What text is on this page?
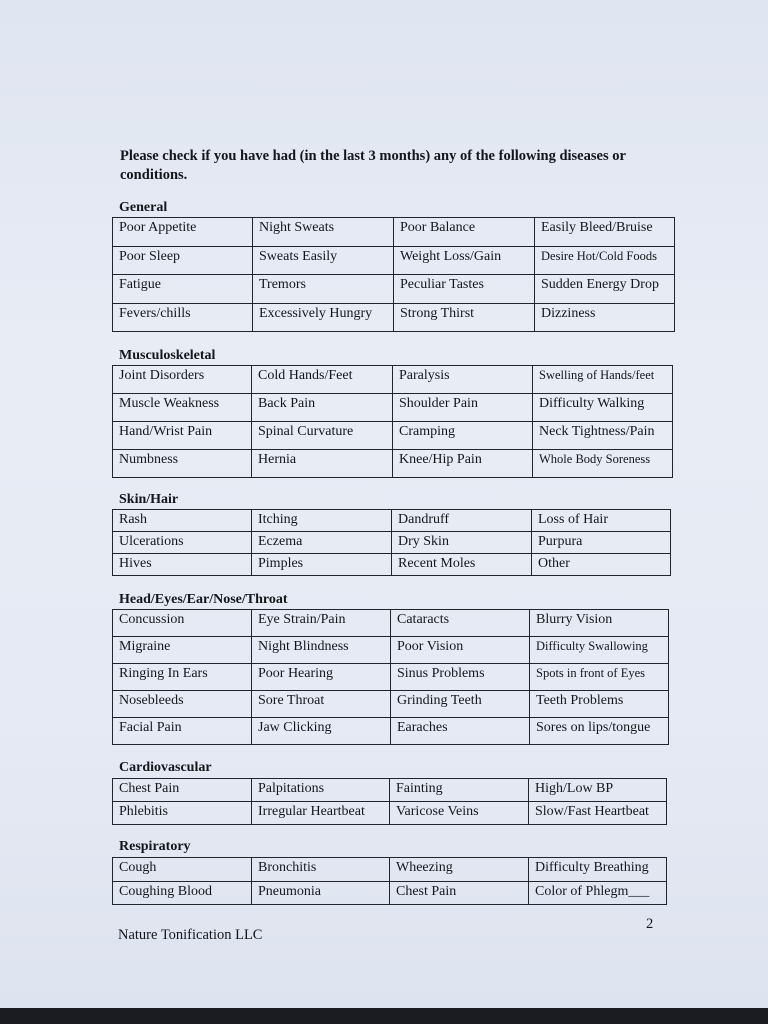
Please check if you have had (in the last 3 months) any of the following diseases or conditions.
General
Poor Appetite	Night Sweats	Poor Balance	Easily Bleed/Bruise

Poor Sleep	Sweats Easily	Weight Loss/Gain	Desire Hot/Cold Foods

Fatigue	Tremors	Peculiar Tastes	Sudden Energy Drop

Fevers/chills	Excessively Hungry	Strong Thirst	Dizziness
Musculoskeletal
Joint Disorders	Cold Hands/Feet	Paralysis	Swelling of Hands/feet

Muscle Weakness	Back Pain	Shoulder Pain	Difficulty Walking

Hand/Wrist Pain	Spinal Curvature	Cramping	Neck Tightness/Pain

Numbness	Hernia	Knee/Hip Pain	Whole Body Soreness
Skin/Hair
Rash	Itching	Dandruff	Loss of Hair

Ulcerations	Eczema	Dry Skin	Purpura

Hives	Pimples	Recent Moles	Other
Head/Eyes/Ear/Nose/Throat
Concussion	Eye Strain/Pain	Cataracts	Blurry Vision

Migraine	Night Blindness	Poor Vision	Difficulty Swallowing

Ringing In Ears	Poor Hearing	Sinus Problems	Spots in front of Eyes

Nosebleeds	Sore Throat	Grinding Teeth	Teeth Problems

Facial Pain	Jaw Clicking	Earaches	Sores on lips/tongue
Cardiovascular
Chest Pain	Palpitations	Fainting	High/Low BP

Phlebitis	Irregular Heartbeat	Varicose Veins	Slow/Fast Heartbeat
Respiratory
Cough	Bronchitis	Wheezing	Difficulty Breathing

Coughing Blood	Pneumonia	Chest Pain	Color of Phlegm___
Nature Tonification LLC
2
